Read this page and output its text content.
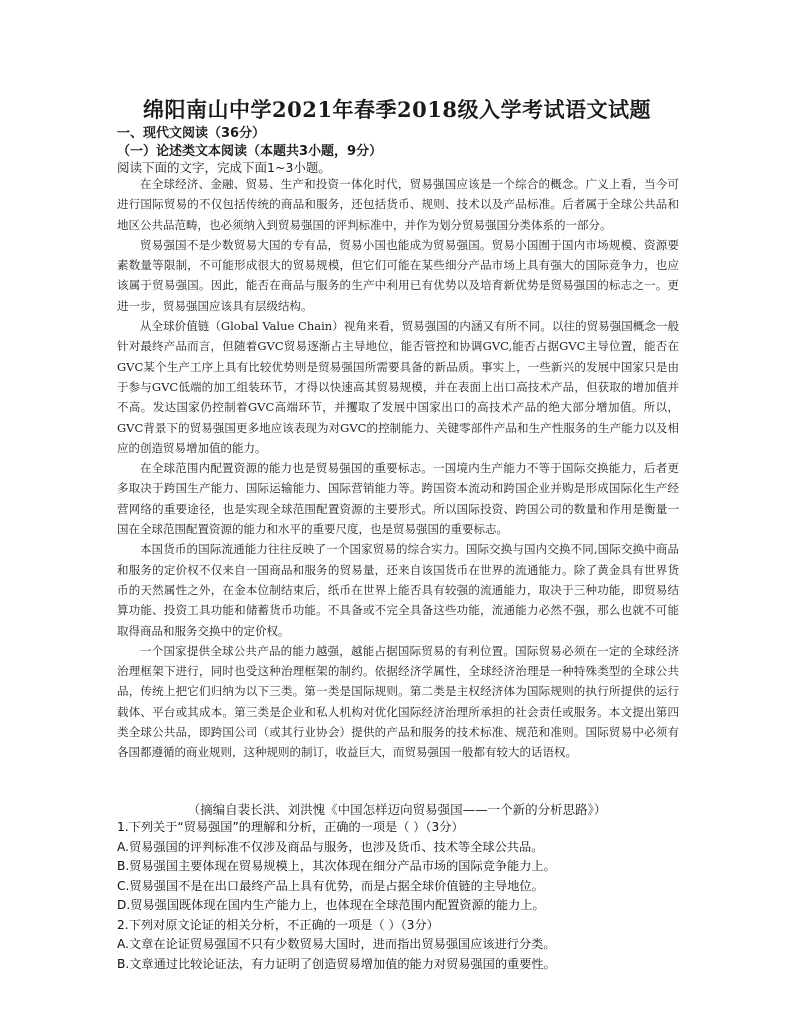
绵阳南山中学2021年春季2018级入学考试语文试题
一、现代文阅读（36分）
（一）论述类文本阅读（本题共3小题，9分）
阅读下面的文字，完成下面1~3小题。

在全球经济、金融、贸易、生产和投资一体化时代，贸易强国应该是一个综合的概念。广义上看，当今可进行国际贸易的不仅包括传统的商品和服务，还包括货币、规则、技术以及产品标准。后者属于全球公共品和地区公共品范畴，也必须纳入到贸易强国的评判标准中，并作为划分贸易强国分类体系的一部分。

贸易强国不是少数贸易大国的专有品，贸易小国也能成为贸易强国。贸易小国囿于国内市场规模、资源要素数量等限制，不可能形成很大的贸易规模，但它们可能在某些细分产品市场上具有强大的国际竞争力，也应该属于贸易强国。因此，能否在商品与服务的生产中利用已有优势以及培育新优势是贸易强国的标志之一。更进一步，贸易强国应该具有层级结构。

从全球价值链（Global Value Chain）视角来看，贸易强国的内涵又有所不同。以往的贸易强国概念一般针对最终产品而言，但随着GVC贸易逐渐占主导地位，能否管控和协调GVC,能否占据GVC主导位置，能否在GVC某个生产工序上具有比较优势则是贸易强国所需要具备的新品质。事实上，一些新兴的发展中国家只是由于参与GVC低端的加工组装环节，才得以快速高其贸易规模，并在表面上出口高技术产品，但获取的增加值并不高。发达国家仍控制着GVC高端环节，并攫取了发展中国家出口的高技术产品的绝大部分增加值。所以，GVC背景下的贸易强国更多地应该表现为对GVC的控制能力、关键零部件产品和生产性服务的生产能力以及相应的创造贸易增加值的能力。

在全球范围内配置资源的能力也是贸易强国的重要标志。一国境内生产能力不等于国际交换能力，后者更多取决于跨国生产能力、国际运输能力、国际营销能力等。跨国资本流动和跨国企业并购是形成国际化生产经营网络的重要途径，也是实现全球范围配置资源的主要形式。所以国际投资、跨国公司的数量和作用是衡量一国在全球范围配置资源的能力和水平的重要尺度，也是贸易强国的重要标志。

本国货币的国际流通能力往往反映了一个国家贸易的综合实力。国际交换与国内交换不同,国际交换中商品和服务的定价权不仅来自一国商品和服务的贸易量，还来自该国货币在世界的流通能力。除了黄金具有世界货币的天然属性之外，在金本位制结束后，纸币在世界上能否具有较强的流通能力，取决于三种功能，即贸易结算功能、投资工具功能和储蓄货币功能。不具备或不完全具备这些功能，流通能力必然不强，那么也就不可能取得商品和服务交换中的定价权。

一个国家提供全球公共产品的能力越强，越能占据国际贸易的有利位置。国际贸易必须在一定的全球经济治理框架下进行，同时也受这种治理框架的制约。依据经济学属性，全球经济治理是一种特殊类型的全球公共品，传统上把它们归纳为以下三类。第一类是国际规则。第二类是主权经济体为国际规则的执行所提供的运行载体、平台或其成本。第三类是企业和私人机构对优化国际经济治理所承担的社会责任或服务。本文提出第四类全球公共品，即跨国公司（或其行业协会）提供的产品和服务的技术标准、规范和准则。国际贸易中必须有各国都遵循的商业规则，这种规则的制订，收益巨大，而贸易强国一般都有较大的话语权。

（摘编自裴长洪、刘洪愧《中国怎样迈向贸易强国——一个新的分析思路》）
1.下列关于“贸易强国”的理解和分析，正确的一项是（ ）（3分）
A.贸易强国的评判标准不仅涉及商品与服务，也涉及货币、技术等全球公共品。
B.贸易强国主要体现在贸易规模上，其次体现在细分产品市场的国际竞争能力上。
C.贸易强国不是在出口最终产品上具有优势，而是占据全球价值链的主导地位。
D.贸易强国既体现在国内生产能力上，也体现在全球范围内配置资源的能力上。
2.下列对原文论证的相关分析，不正确的一项是（ ）（3分）
A.文章在论证贸易强国不只有少数贸易大国时，进而指出贸易强国应该进行分类。
B.文章通过比较论证法，有力证明了创造贸易增加值的能力对贸易强国的重要性。
